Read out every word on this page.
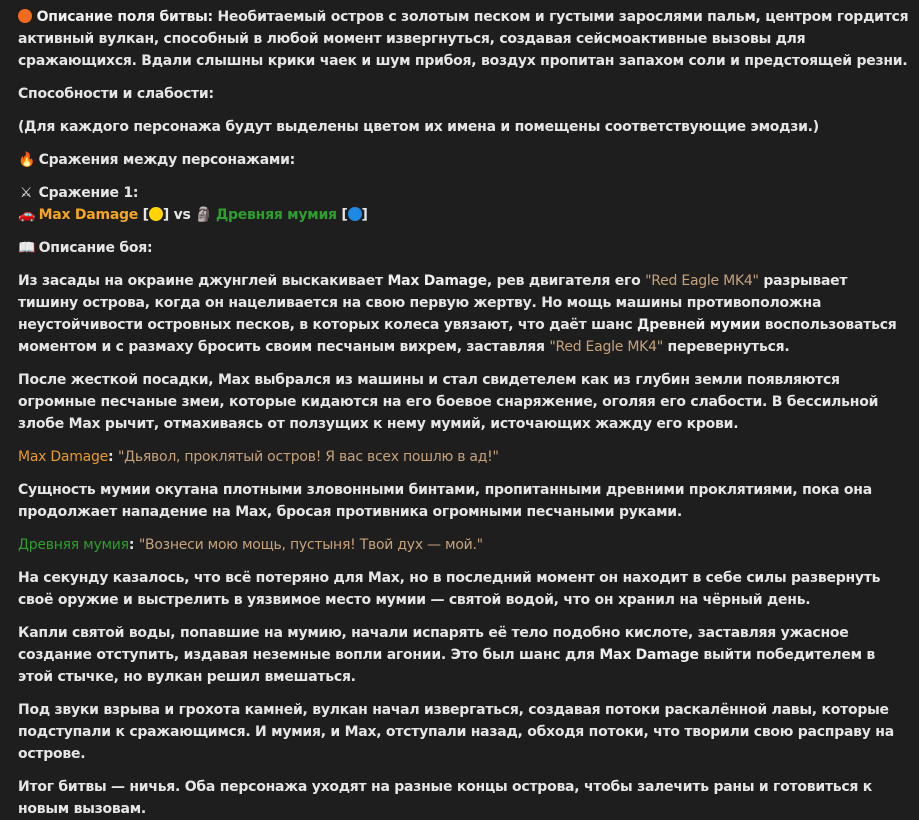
Описание поля битвы: Необитаемый остров с золотым песком и густыми зарослями пальм, центром гордится активный вулкан, способный в любой момент извергнуться, создавая сейсмоактивные вызовы для сражающихся. Вдали слышны крики чаек и шум прибоя, воздух пропитан запахом соли и предстоящей резни.
Способности и слабости:
(Для каждого персонажа будут выделены цветом их имена и помещены соответствующие эмодзи.)
🔥 Сражения между персонажами:
⚔ Сражение 1:
🚗 Max Damage [ ] vs 🗿 Древняя мумия [ ]
📖 Описание боя:
Из засады на окраине джунглей выскакивает Max Damage, рев двигателя его "Red Eagle MK4" разрывает тишину острова, когда он нацеливается на свою первую жертву. Но мощь машины противоположна неустойчивости островных песков, в которых колеса увязают, что даёт шанс Древней мумии воспользоваться моментом и с размаху бросить своим песчаным вихрем, заставляя "Red Eagle MK4" перевернуться.
После жесткой посадки, Max выбрался из машины и стал свидетелем как из глубин земли появляются огромные песчаные змеи, которые кидаются на его боевое снаряжение, оголяя его слабости. В бессильной злобе Max рычит, отмахиваясь от ползущих к нему мумий, источающих жажду его крови.
Max Damage: "Дьявол, проклятый остров! Я вас всех пошлю в ад!"
Сущность мумии окутана плотными зловонными бинтами, пропитанными древними проклятиями, пока она продолжает нападение на Max, бросая противника огромными песчаными руками.
Древняя мумия: "Вознеси мою мощь, пустыня! Твой дух — мой."
На секунду казалось, что всё потеряно для Max, но в последний момент он находит в себе силы развернуть своё оружие и выстрелить в уязвимое место мумии — святой водой, что он хранил на чёрный день.
Капли святой воды, попавшие на мумию, начали испарять её тело подобно кислоте, заставляя ужасное создание отступить, издавая неземные вопли агонии. Это был шанс для Max Damage выйти победителем в этой стычке, но вулкан решил вмешаться.
Под звуки взрыва и грохота камней, вулкан начал извергаться, создавая потоки раскалённой лавы, которые подступали к сражающимся. И мумия, и Max, отступали назад, обходя потоки, что творили свою расправу на острове.
Итог битвы — ничья. Оба персонажа уходят на разные концы острова, чтобы залечить раны и готовиться к новым вызовам.
